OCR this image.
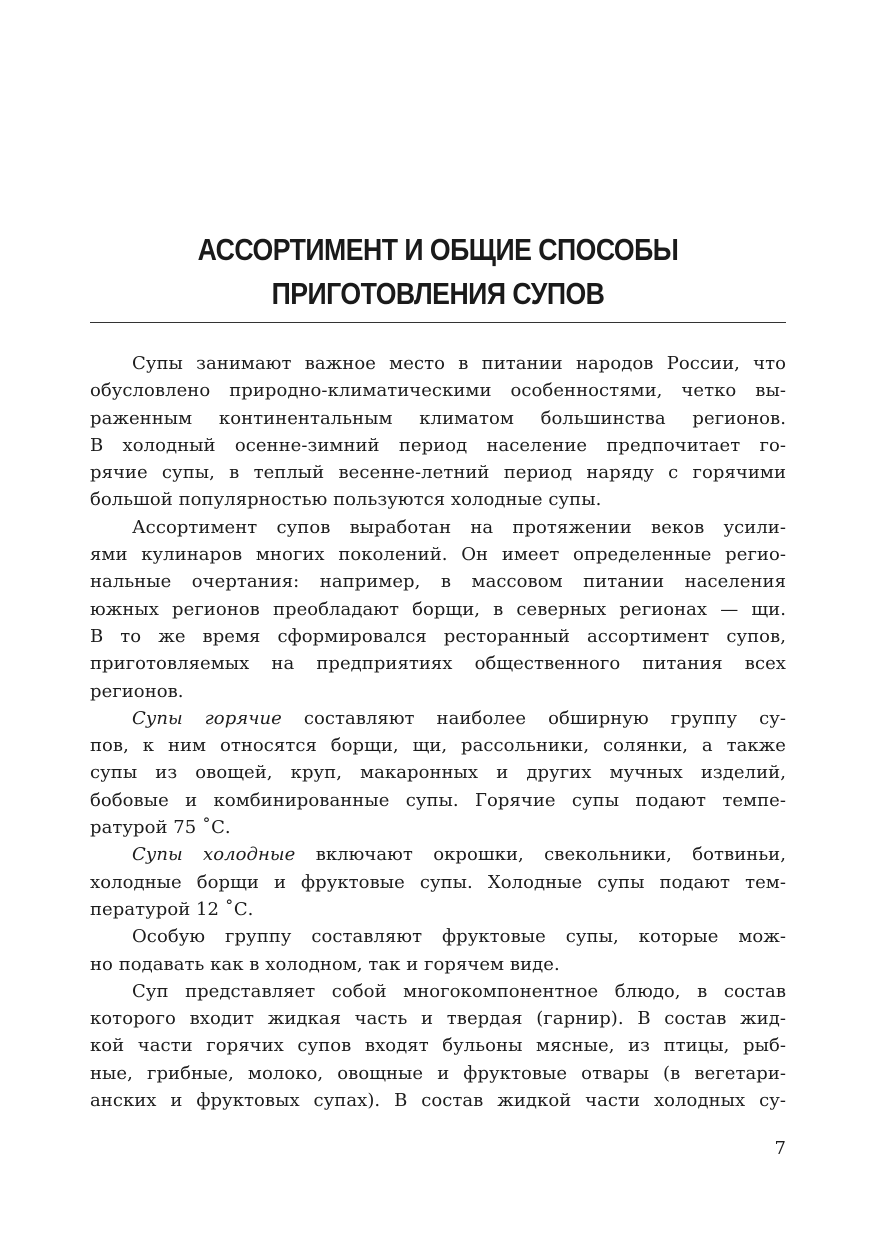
АССОРТИМЕНТ И ОБЩИЕ СПОСОБЫ
ПРИГОТОВЛЕНИЯ СУПОВ

Супы занимают важное место в питании народов России, что
обусловлено природно-климатическими особенностями, четко вы-
раженным континентальным климатом большинства регионов.
В холодный осенне-зимний период население предпочитает го-
рячие супы, в теплый весенне-летний период наряду с горячими
большой популярностью пользуются холодные супы.

Ассортимент супов выработан на протяжении веков усили-
ями кулинаров многих поколений. Он имеет определенные регио-
нальные очертания: например, в массовом питании населения
южных регионов преобладают борщи, в северных регионах — щи.
В то же время сформировался ресторанный ассортимент супов,
приготовляемых на предприятиях общественного питания всех
регионов.

Супы горячие составляют наиболее обширную группу су-
пов, к ним относятся борщи, щи, рассольники, солянки, а также
супы из овощей, круп, макаронных и других мучных изделий,
бобовые и комбинированные супы. Горячие супы подают темпе-
ратурой 75 ˚С.

Супы холодные включают окрошки, свекольники, ботвиньи,
холодные борщи и фруктовые супы. Холодные супы подают тем-
пературой 12 ˚С.

Особую группу составляют фруктовые супы, которые мож-
но подавать как в холодном, так и горячем виде.

Суп представляет собой многокомпонентное блюдо, в состав
которого входит жидкая часть и твердая (гарнир). В состав жид-
кой части горячих супов входят бульоны мясные, из птицы, рыб-
ные, грибные, молоко, овощные и фруктовые отвары (в вегетари-
анских и фруктовых супах). В состав жидкой части холодных су-

7
